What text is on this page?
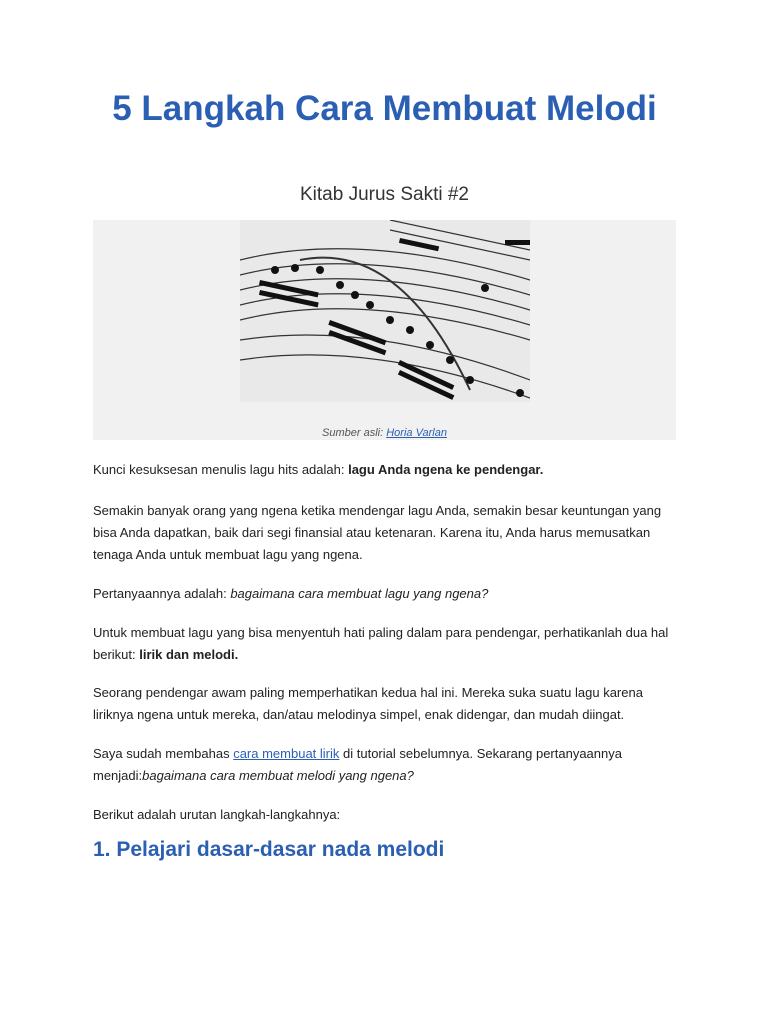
5 Langkah Cara Membuat Melodi
Kitab Jurus Sakti #2
Sumber asli: Horia Varlan

Kunci kesuksesan menulis lagu hits adalah: lagu Anda ngena ke pendengar.

Semakin banyak orang yang ngena ketika mendengar lagu Anda, semakin besar keuntungan yang bisa Anda dapatkan, baik dari segi finansial atau ketenaran. Karena itu, Anda harus memusatkan tenaga Anda untuk membuat lagu yang ngena.

Pertanyaannya adalah: bagaimana cara membuat lagu yang ngena?

Untuk membuat lagu yang bisa menyentuh hati paling dalam para pendengar, perhatikanlah dua hal berikut: lirik dan melodi.

Seorang pendengar awam paling memperhatikan kedua hal ini. Mereka suka suatu lagu karena liriknya ngena untuk mereka, dan/atau melodinya simpel, enak didengar, dan mudah diingat.

Saya sudah membahas cara membuat lirik di tutorial sebelumnya. Sekarang pertanyaannya menjadi:bagaimana cara membuat melodi yang ngena?

Berikut adalah urutan langkah-langkahnya:

1. Pelajari dasar-dasar nada melodi
